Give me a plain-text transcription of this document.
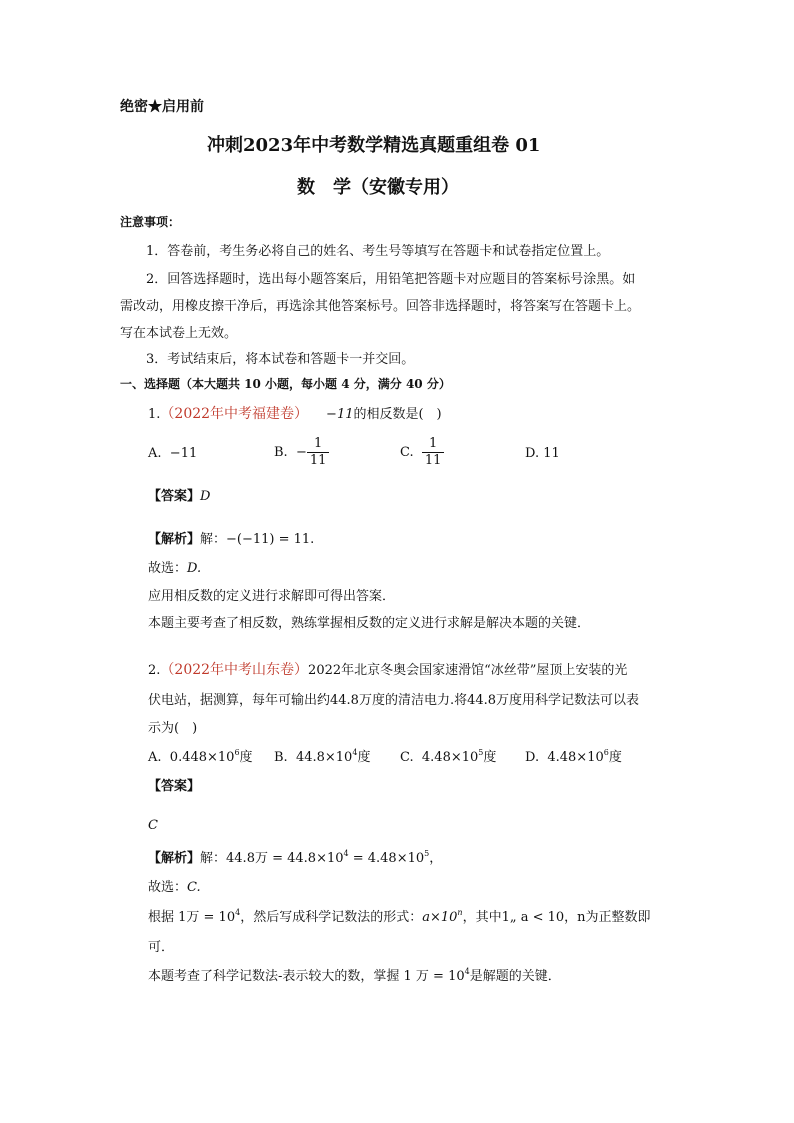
绝密★启用前
冲刺2023年中考数学精选真题重组卷 01
数　学（安徽专用）
注意事项：
1．答卷前，考生务必将自己的姓名、考生号等填写在答题卡和试卷指定位置上。
2．回答选择题时，选出每小题答案后，用铅笔把答题卡对应题目的答案标号涂黑。如
需改动，用橡皮擦干净后，再选涂其他答案标号。回答非选择题时，将答案写在答题卡上。
写在本试卷上无效。
3．考试结束后，将本试卷和答题卡一并交回。
一、选择题（本大题共 10 小题，每小题 4 分，满分 40 分）
1.（2022年中考福建卷） −11的相反数是(　)
A. −11	B. − $\frac{1}{11}$	C. $\frac{1}{11}$	D. 11
【答案】D
【解析】解：−(−11) = 11.
故选：D.
应用相反数的定义进行求解即可得出答案．
本题主要考查了相反数，熟练掌握相反数的定义进行求解是解决本题的关键．
2.（2022年中考山东卷）2022年北京冬奥会国家速滑馆“冰丝带”屋顶上安装的光
伏电站，据测算，每年可输出约44.8万度的清洁电力.将44.8万度用科学记数法可以表
示为(　)
A. $0.448\times 10^6$度 B. $44.8\times 10^4$度 C. $4.48\times 10^5$度 D. $4.48\times 10^6$度
【答案】
C
【解析】解：44.8万 = $44.8\times 10^4 = 4.48\times 10^5$，
故选：C.
根据 1万 = $10^4$，然后写成科学记数法的形式：$a\times 10^n$，其中1„ a < 10，n为正整数即
可．
本题考查了科学记数法-表示较大的数，掌握 1 万 = $10^4$是解题的关键．
